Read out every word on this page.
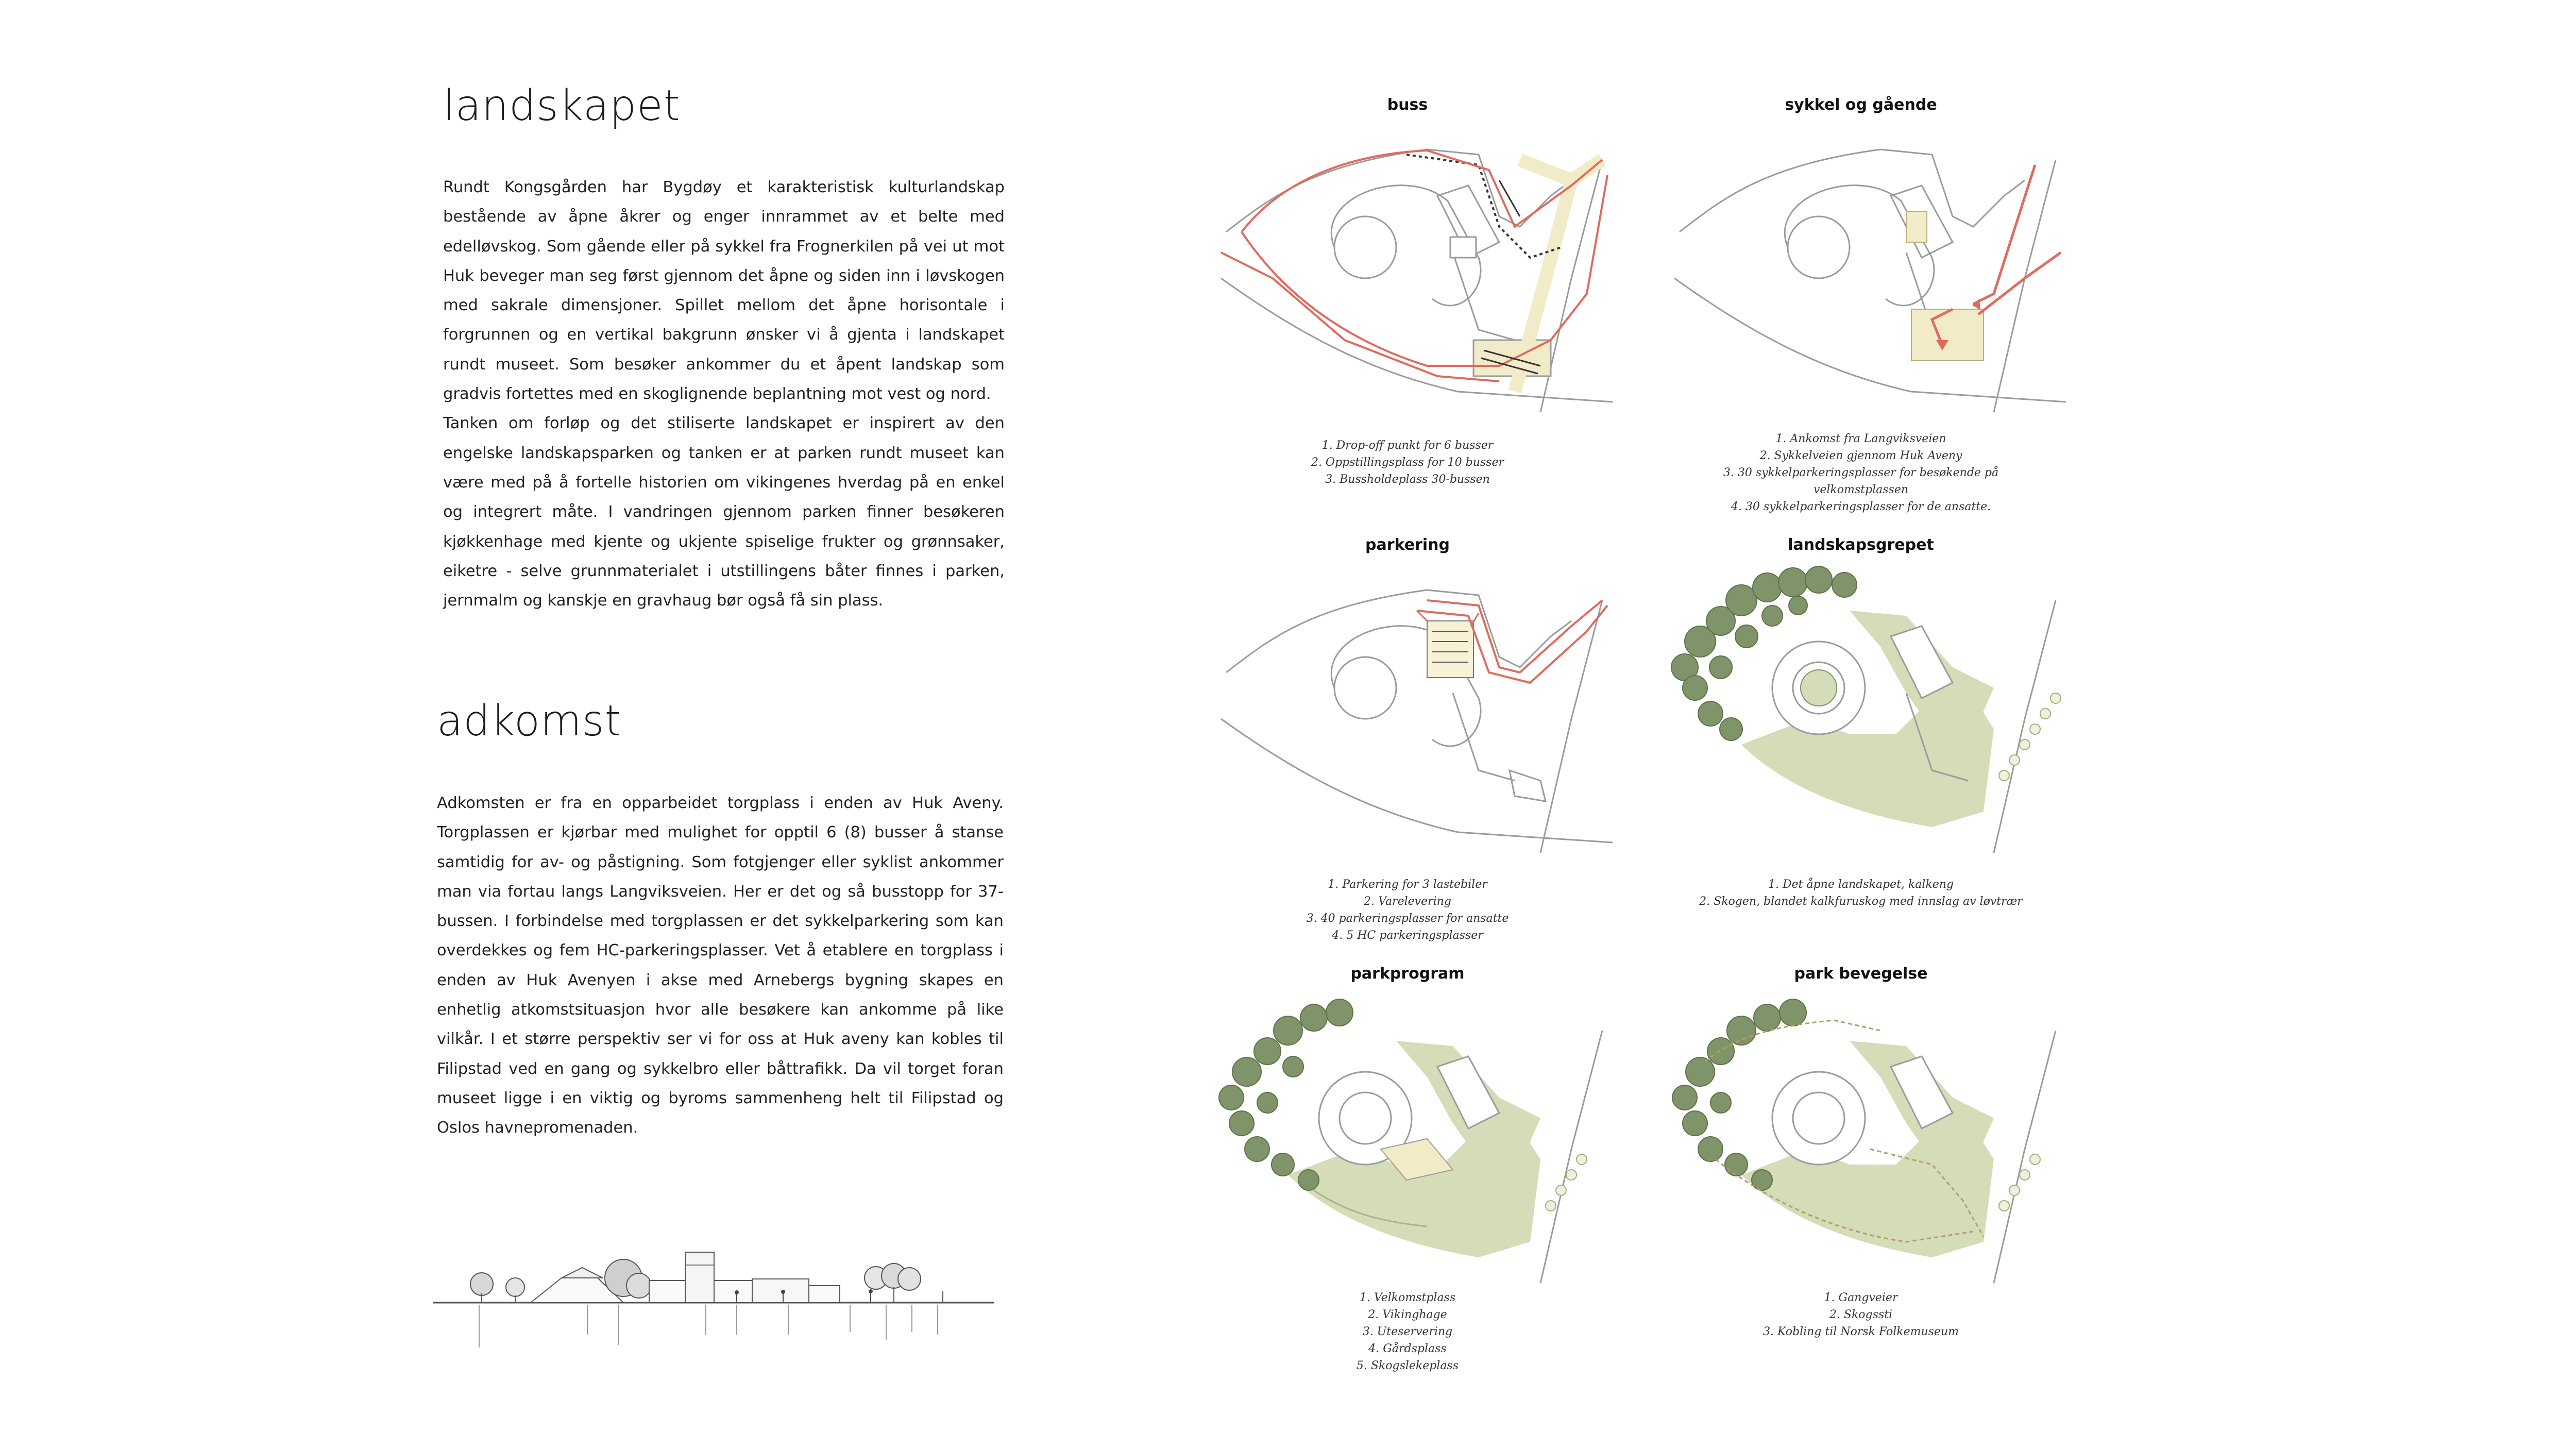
landskapet

Rundt Kongsgården har Bygdøy et karakteristisk kulturlandskap bestående av åpne åkrer og enger innrammet av et belte med edelløvskog. Som gående eller på sykkel fra Frognerkilen på vei ut mot Huk beveger man seg først gjennom det åpne og siden inn i løvskogen med sakrale dimensjoner. Spillet mellom det åpne horisontale i forgrunnen og en vertikal bakgrunn ønsker vi å gjenta i landskapet rundt museet. Som besøker ankommer du et åpent landskap som gradvis fortettes med en skoglignende beplantning mot vest og nord.

Tanken om forløp og det stiliserte landskapet er inspirert av den engelske landskapsparken og tanken er at parken rundt museet kan være med på å fortelle historien om vikingenes hverdag på en enkel og integrert måte. I vandringen gjennom parken finner besøkeren kjøkkenhage med kjente og ukjente spiselige frukter og grønnsaker, eiketre - selve grunnmaterialet i utstillingens båter finnes i parken, jernmalm og kanskje en gravhaug bør også få sin plass.

adkomst

Adkomsten er fra en opparbeidet torgplass i enden av Huk Aveny. Torgplassen er kjørbar med mulighet for opptil 6 (8) busser å stanse samtidig for av- og påstigning. Som fotgjenger eller syklist ankommer man via fortau langs Langviksveien. Her er det og så busstopp for 37-bussen. I forbindelse med torgplassen er det sykkelparkering som kan overdekkes og fem HC-parkeringsplasser. Vet å etablere en torgplass i enden av Huk Avenyen i akse med Arnebergs bygning skapes en enhetlig atkomstsituasjon hvor alle besøkere kan ankomme på like vilkår. I et større perspektiv ser vi for oss at Huk aveny kan kobles til Filipstad ved en gang og sykkelbro eller båttrafikk. Da vil torget foran museet ligge i en viktig og byroms sammenheng helt til Filipstad og Oslos havnepromenaden.

buss	sykkel og gående
parkering	landskapsgrepet
parkprogram	park bevegelse
1. Drop-off punkt for 6 busser
2. Oppstillingsplass for 10 busser
3. Bussholdeplass 30-bussen
1. Ankomst fra Langviksveien
2. Sykkelveien gjennom Huk Aveny
3. 30 sykkelparkeringsplasser for besøkende på velkomstplassen
4. 30 sykkelparkeringsplasser for de ansatte.
1. Parkering for 3 lastebiler
2. Varelevering
3. 40 parkeringsplasser for ansatte
4. 5 HC parkeringsplasser
1. Det åpne landskapet, kalkeng
2. Skogen, blandet kalkfuruskog med innslag av løvtrær
1. Velkomstplass
2. Vikinghage
3. Uteservering
4. Gårdsplass
5. Skogslekeplass
1. Gangveier
2. Skogssti
3. Kobling til Norsk Folkemuseum
